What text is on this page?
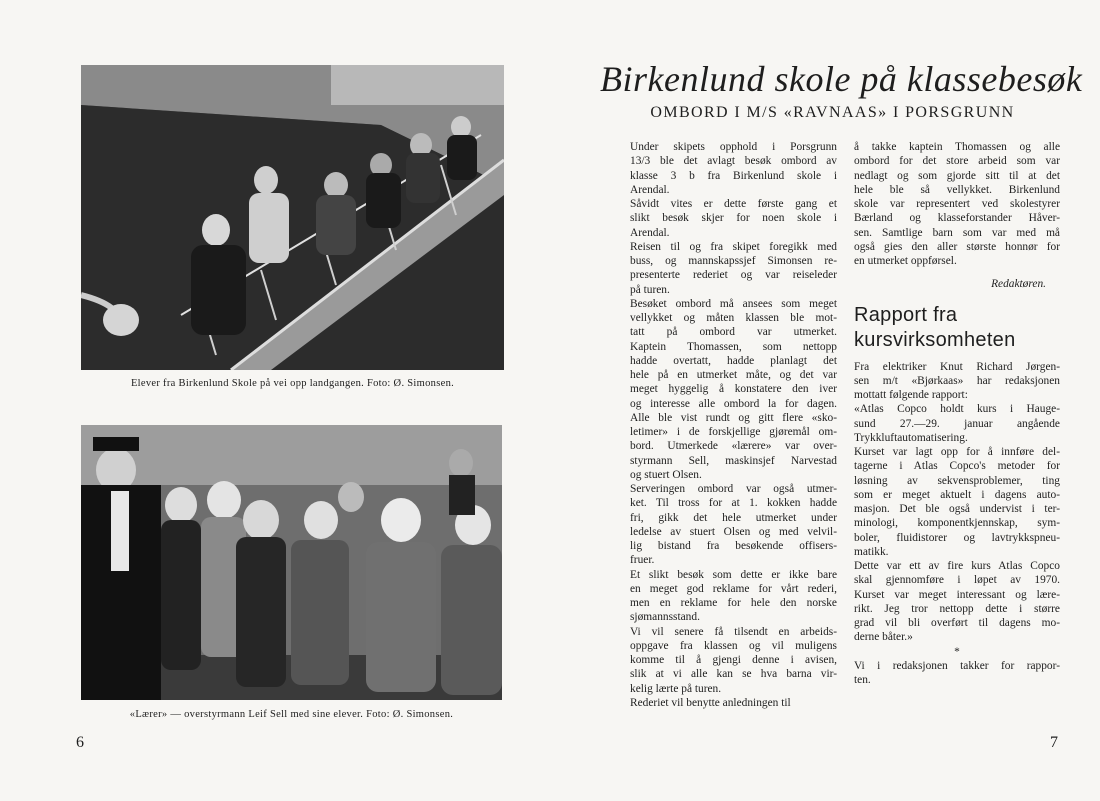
Elever fra Birkenlund Skole på vei opp landgangen. Foto: Ø. Simonsen.
«Lærer» — overstyrmann Leif Sell med sine elever. Foto: Ø. Simonsen.
6
Birkenlund skole på klassebesøk
OMBORD I M/S «RAVNAAS» I PORSGRUNN
Under skipets opphold i Porsgrunn
13/3 ble det avlagt besøk ombord av
klasse 3 b fra Birkenlund skole i
Arendal.
Såvidt vites er dette første gang et
slikt besøk skjer for noen skole i
Arendal.
Reisen til og fra skipet foregikk med
buss, og mannskapssjef Simonsen re-
presenterte rederiet og var reiseleder
på turen.
Besøket ombord må ansees som meget
vellykket og måten klassen ble mot-
tatt på ombord var utmerket.
Kaptein Thomassen, som nettopp
hadde overtatt, hadde planlagt det
hele på en utmerket måte, og det var
meget hyggelig å konstatere den iver
og interesse alle ombord la for dagen.
Alle ble vist rundt og gitt flere «sko-
letimer» i de forskjellige gjøremål om-
bord. Utmerkede «lærere» var over-
styrmann Sell, maskinsjef Narvestad
og stuert Olsen.
Serveringen ombord var også utmer-
ket. Til tross for at 1. kokken hadde
fri, gikk det hele utmerket under
ledelse av stuert Olsen og med velvil-
lig bistand fra besøkende offisers-
fruer.
Et slikt besøk som dette er ikke bare
en meget god reklame for vårt rederi,
men en reklame for hele den norske
sjømannsstand.
Vi vil senere få tilsendt en arbeids-
oppgave fra klassen og vil muligens
komme til å gjengi denne i avisen,
slik at vi alle kan se hva barna vir-
kelig lærte på turen.
Rederiet vil benytte anledningen til
å takke kaptein Thomassen og alle
ombord for det store arbeid som var
nedlagt og som gjorde sitt til at det
hele ble så vellykket. Birkenlund
skole var representert ved skolestyrer
Bærland og klasseforstander Håver-
sen. Samtlige barn som var med må
også gies den aller største honnør for
en utmerket oppførsel.
Redaktøren.
Rapport fra
kursvirksomheten
Fra elektriker Knut Richard Jørgen-
sen m/t «Bjørkaas» har redaksjonen
mottatt følgende rapport:
«Atlas Copco holdt kurs i Hauge-
sund 27.—29. januar angående
Trykkluftautomatisering.
Kurset var lagt opp for å innføre del-
tagerne i Atlas Copco's metoder for
løsning av sekvensproblemer, ting
som er meget aktuelt i dagens auto-
masjon. Det ble også undervist i ter-
minologi, komponentkjennskap, sym-
boler, fluidistorer og lavtrykkspneu-
matikk.
Dette var ett av fire kurs Atlas Copco
skal gjennomføre i løpet av 1970.
Kurset var meget interessant og lære-
rikt. Jeg tror nettopp dette i større
grad vil bli overført til dagens mo-
derne båter.»
*
Vi i redaksjonen takker for rappor-
ten.
7
